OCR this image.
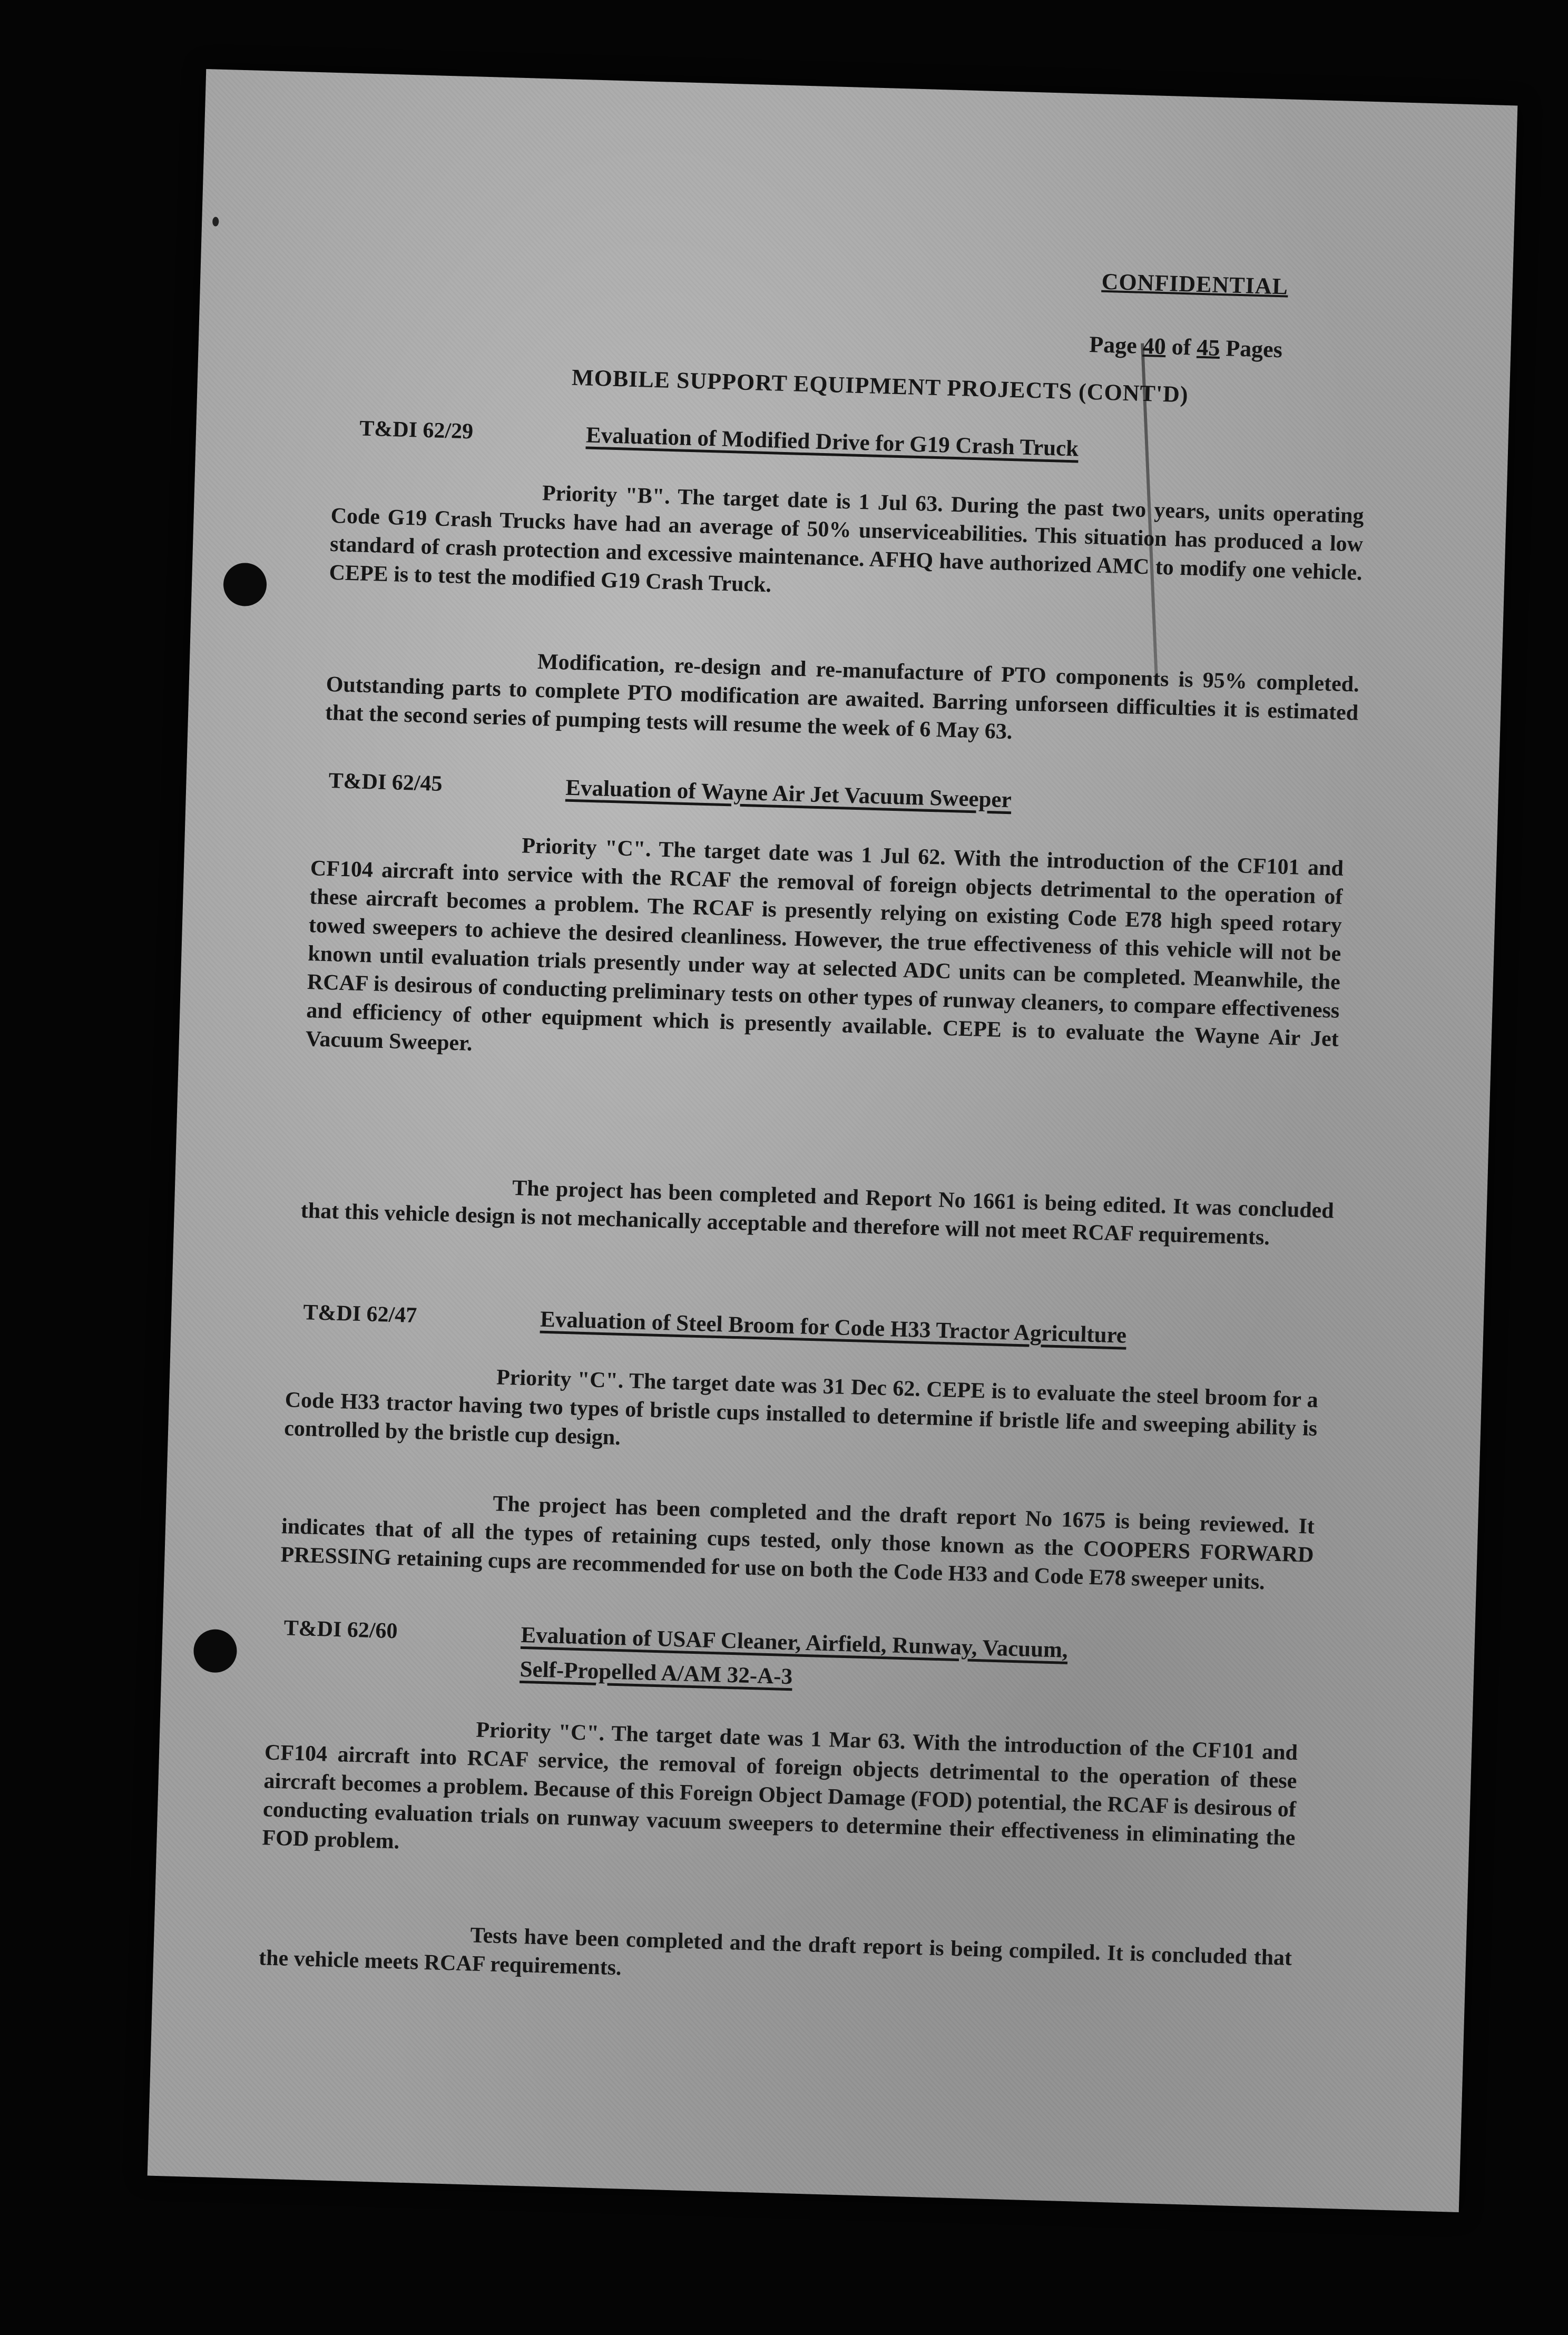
CONFIDENTIAL
Page 40 of 45 Pages
MOBILE SUPPORT EQUIPMENT PROJECTS (CONT'D)
T&DI 62/29	Evaluation of Modified Drive for G19 Crash Truck
Priority "B". The target date is 1 Jul 63. During the past two years, units operating Code G19 Crash Trucks have had an average of 50% unserviceabilities. This situation has produced a low standard of crash protection and excessive maintenance. AFHQ have authorized AMC to modify one vehicle. CEPE is to test the modified G19 Crash Truck.
Modification, re-design and re-manufacture of PTO components is 95% completed. Outstanding parts to complete PTO modification are awaited. Barring unforseen difficulties it is estimated that the second series of pumping tests will resume the week of 6 May 63.
T&DI 62/45	Evaluation of Wayne Air Jet Vacuum Sweeper
Priority "C". The target date was 1 Jul 62. With the introduction of the CF101 and CF104 aircraft into service with the RCAF the removal of foreign objects detrimental to the operation of these aircraft becomes a problem. The RCAF is presently relying on existing Code E78 high speed rotary towed sweepers to achieve the desired cleanliness. However, the true effectiveness of this vehicle will not be known until evaluation trials presently under way at selected ADC units can be completed. Meanwhile, the RCAF is desirous of conducting preliminary tests on other types of runway cleaners, to compare effectiveness and efficiency of other equipment which is presently available. CEPE is to evaluate the Wayne Air Jet Vacuum Sweeper.
The project has been completed and Report No 1661 is being edited. It was concluded that this vehicle design is not mechanically acceptable and therefore will not meet RCAF requirements.
T&DI 62/47	Evaluation of Steel Broom for Code H33 Tractor Agriculture
Priority "C". The target date was 31 Dec 62. CEPE is to evaluate the steel broom for a Code H33 tractor having two types of bristle cups installed to determine if bristle life and sweeping ability is controlled by the bristle cup design.
The project has been completed and the draft report No 1675 is being reviewed. It indicates that of all the types of retaining cups tested, only those known as the COOPERS FORWARD PRESSING retaining cups are recommended for use on both the Code H33 and Code E78 sweeper units.
T&DI 62/60	Evaluation of USAF Cleaner, Airfield, Runway, Vacuum,
Self-Propelled A/AM 32-A-3
Priority "C". The target date was 1 Mar 63. With the introduction of the CF101 and CF104 aircraft into RCAF service, the removal of foreign objects detrimental to the operation of these aircraft becomes a problem. Because of this Foreign Object Damage (FOD) potential, the RCAF is desirous of conducting evaluation trials on runway vacuum sweepers to determine their effectiveness in eliminating the FOD problem.
Tests have been completed and the draft report is being compiled. It is concluded that the vehicle meets RCAF requirements.
